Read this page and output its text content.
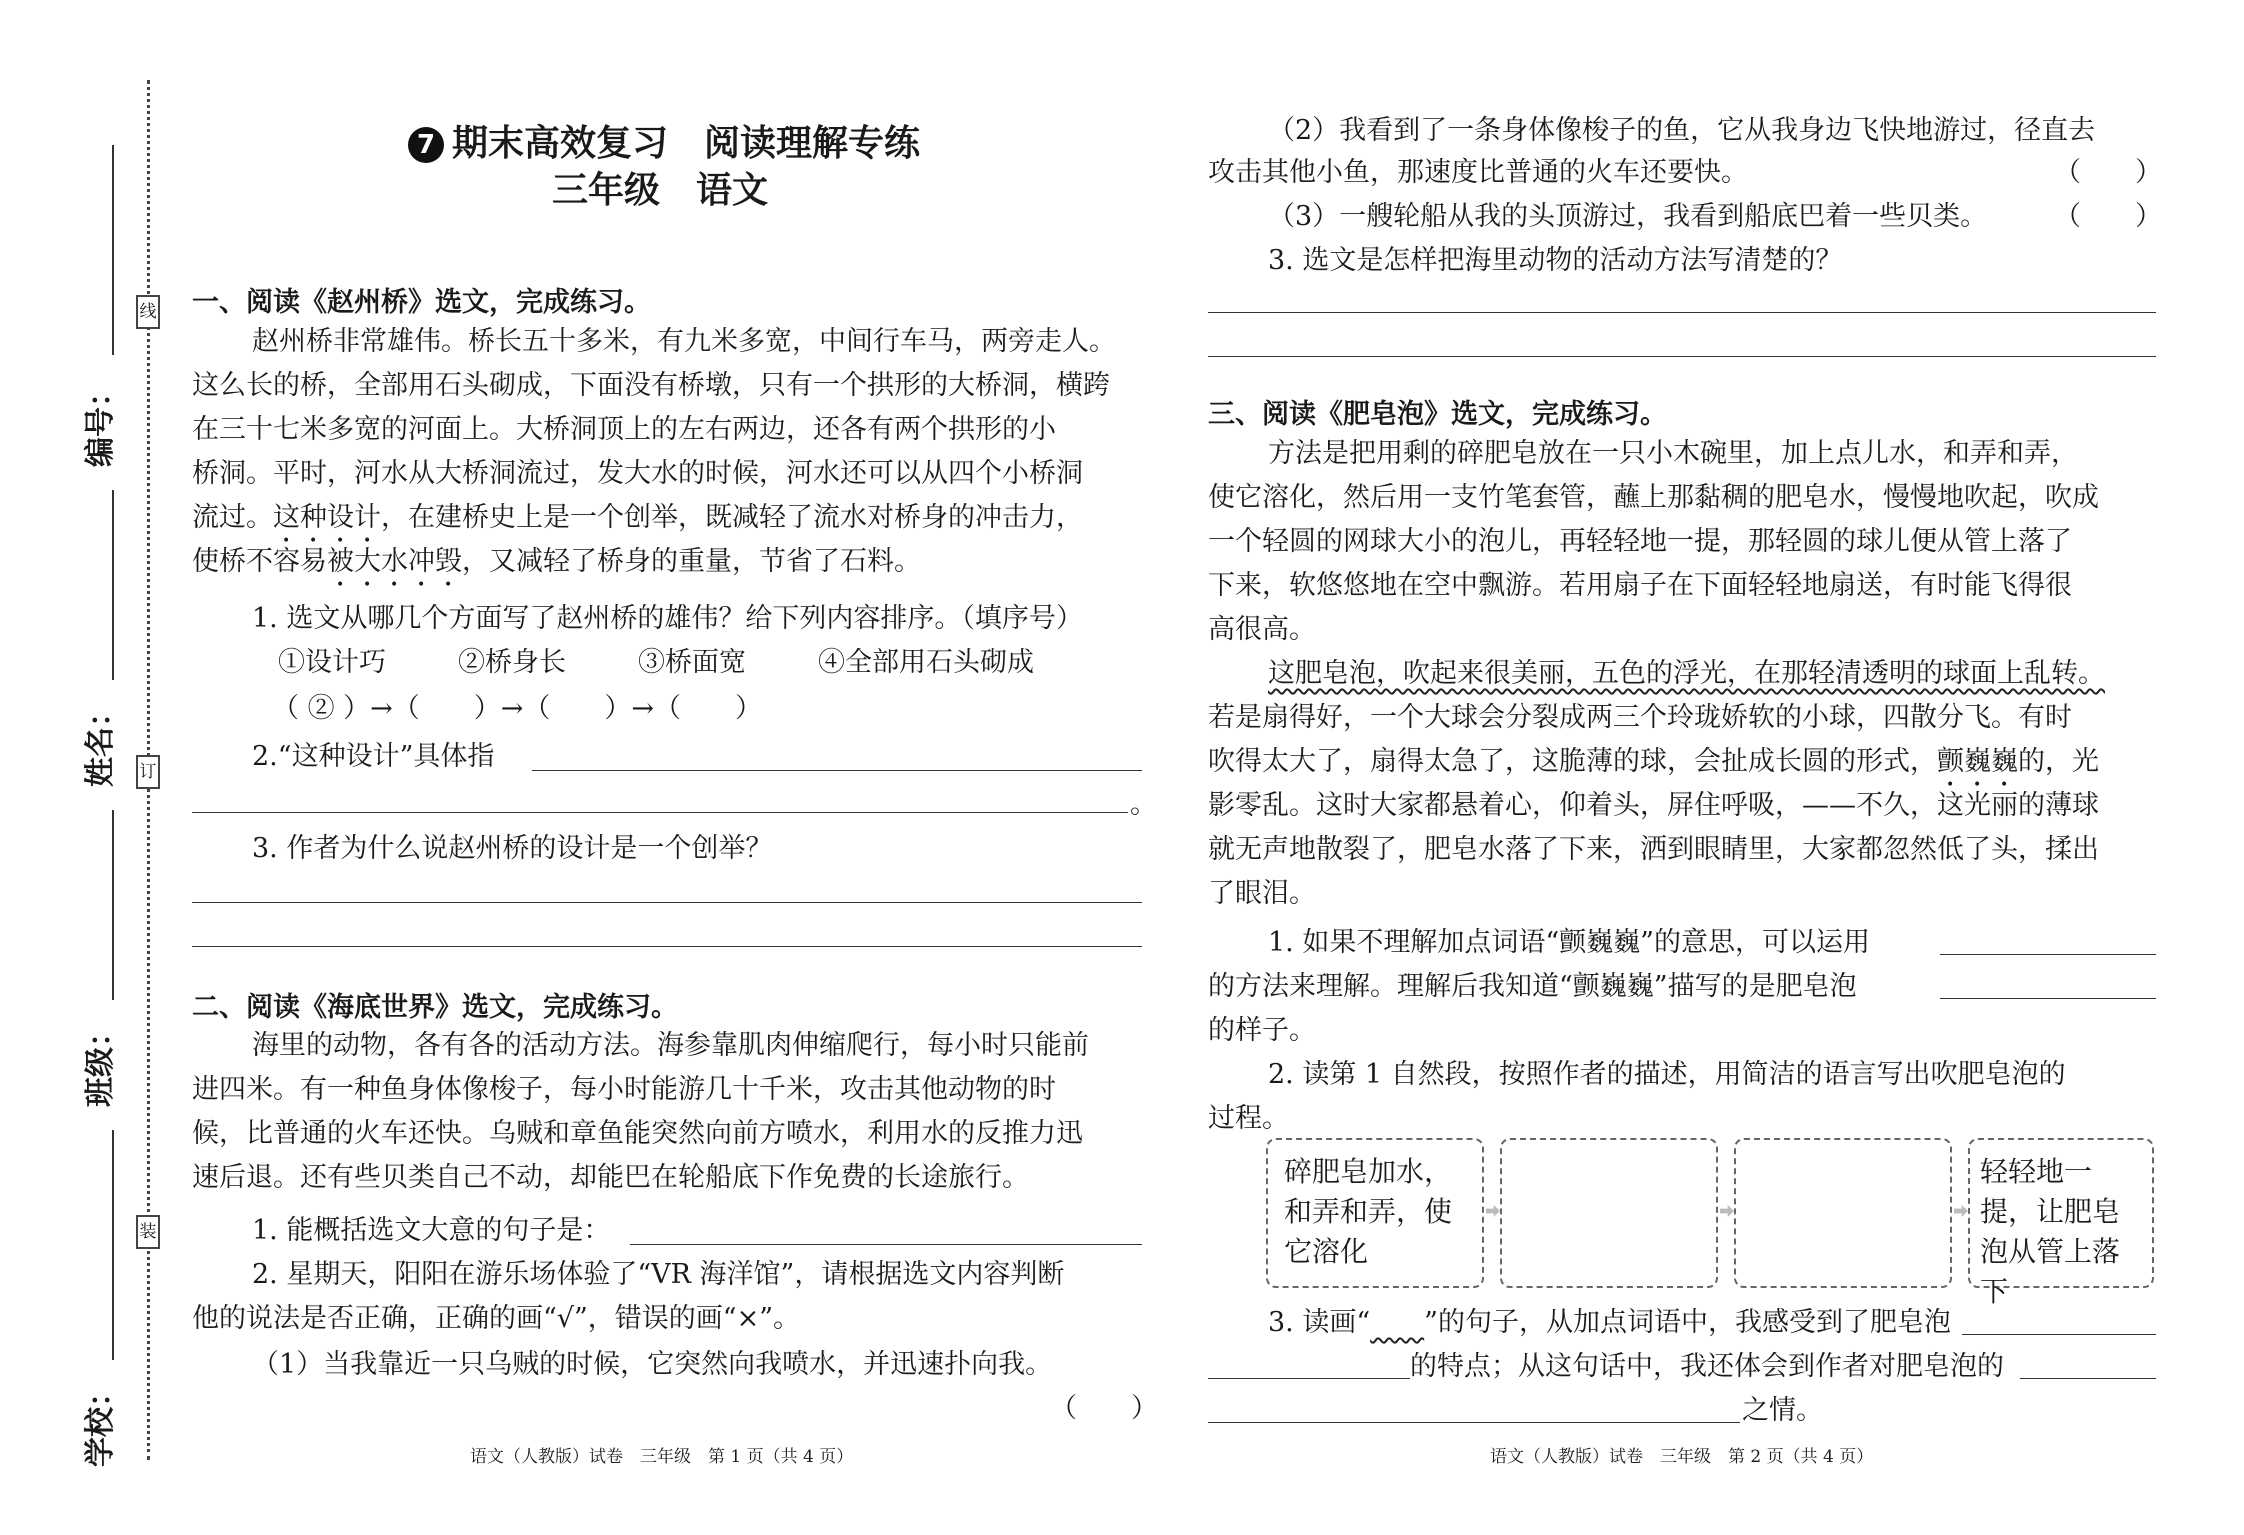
线
订
装
编号：
姓名：
班级：
学校：
7 期末高效复习　阅读理解专练
三年级　语文
一、阅读《赵州桥》选文，完成练习。
赵州桥非常雄伟。桥长五十多米，有九米多宽，中间行车马，两旁走人。
这么长的桥，全部用石头砌成，下面没有桥墩，只有一个拱形的大桥洞，横跨
在三十七米多宽的河面上。大桥洞顶上的左右两边，还各有两个拱形的小
桥洞。平时，河水从大桥洞流过，发大水的时候，河水还可以从四个小桥洞
流过。这种设计，在建桥史上是一个创举，既减轻了流水对桥身的冲击力，
使桥不容易被大水冲毁，又减轻了桥身的重量，节省了石料。
1. 选文从哪几个方面写了赵州桥的雄伟？给下列内容排序。（填序号）
①设计巧	②桥身长	③桥面宽	④全部用石头砌成
（ ② ）→（　　）→（　　）→（　　）
2.“这种设计”具体指
。
3. 作者为什么说赵州桥的设计是一个创举？
二、阅读《海底世界》选文，完成练习。
海里的动物，各有各的活动方法。海参靠肌肉伸缩爬行，每小时只能前
进四米。有一种鱼身体像梭子，每小时能游几十千米，攻击其他动物的时
候，比普通的火车还快。乌贼和章鱼能突然向前方喷水，利用水的反推力迅
速后退。还有些贝类自己不动，却能巴在轮船底下作免费的长途旅行。
1. 能概括选文大意的句子是：
2. 星期天，阳阳在游乐场体验了“VR 海洋馆”，请根据选文内容判断
他的说法是否正确，正确的画“√”，错误的画“×”。
（1）当我靠近一只乌贼的时候，它突然向我喷水，并迅速扑向我。
（　　）
语文（人教版）试卷　三年级　第 1 页（共 4 页）
（2）我看到了一条身体像梭子的鱼，它从我身边飞快地游过，径直去
攻击其他小鱼，那速度比普通的火车还要快。	（　　）
（3）一艘轮船从我的头顶游过，我看到船底巴着一些贝类。 （　　）
3. 选文是怎样把海里动物的活动方法写清楚的？
三、阅读《肥皂泡》选文，完成练习。
方法是把用剩的碎肥皂放在一只小木碗里，加上点儿水，和弄和弄，
使它溶化，然后用一支竹笔套管，蘸上那黏稠的肥皂水，慢慢地吹起，吹成
一个轻圆的网球大小的泡儿，再轻轻地一提，那轻圆的球儿便从管上落了
下来，软悠悠地在空中飘游。若用扇子在下面轻轻地扇送，有时能飞得很
高很高。
这肥皂泡，吹起来很美丽，五色的浮光，在那轻清透明的球面上乱转。
若是扇得好，一个大球会分裂成两三个玲珑娇软的小球，四散分飞。有时
吹得太大了，扇得太急了，这脆薄的球，会扯成长圆的形式，颤巍巍的，光
影零乱。这时大家都悬着心，仰着头，屏住呼吸，——不久，这光丽的薄球
就无声地散裂了，肥皂水落了下来，洒到眼睛里，大家都忽然低了头，揉出
了眼泪。
1. 如果不理解加点词语“颤巍巍”的意思，可以运用
的方法来理解。理解后我知道“颤巍巍”描写的是肥皂泡
的样子。
2. 读第 1 自然段，按照作者的描述，用简洁的语言写出吹肥皂泡的
过程。
碎肥皂加水，和弄和弄，使它溶化
轻轻地一提，让肥皂泡从管上落下
3. 读画“　　 ”的句子，从加点词语中，我感受到了肥皂泡
的特点；从这句话中，我还体会到作者对肥皂泡的
之情。
语文（人教版）试卷　三年级　第 2 页（共 4 页）
